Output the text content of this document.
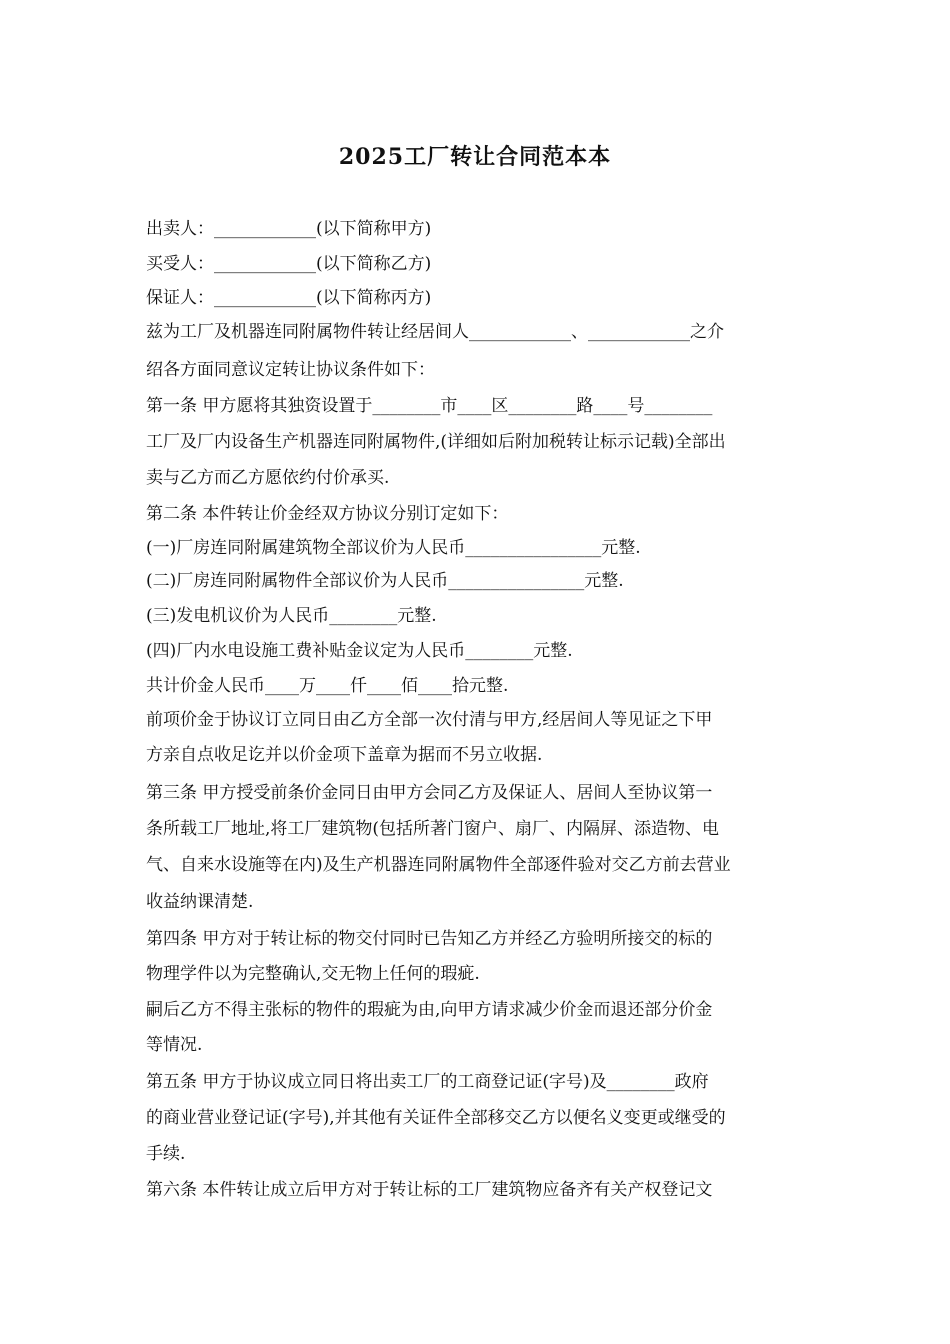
2025工厂转让合同范本本
出卖人：____________(以下简称甲方)
买受人：____________(以下简称乙方)
保证人：____________(以下简称丙方)
兹为工厂及机器连同附属物件转让经居间人____________、____________之介
绍各方面同意议定转让协议条件如下：
第一条 甲方愿将其独资设置于________市____区________路____号________
工厂及厂内设备生产机器连同附属物件,(详细如后附加税转让标示记载)全部出
卖与乙方而乙方愿依约付价承买.
第二条 本件转让价金经双方协议分别订定如下：
(一)厂房连同附属建筑物全部议价为人民币________________元整.
(二)厂房连同附属物件全部议价为人民币________________元整.
(三)发电机议价为人民币________元整.
(四)厂内水电设施工费补贴金议定为人民币________元整.
共计价金人民币____万____仟____佰____拾元整.
前项价金于协议订立同日由乙方全部一次付清与甲方,经居间人等见证之下甲
方亲自点收足讫并以价金项下盖章为据而不另立收据.
第三条 甲方授受前条价金同日由甲方会同乙方及保证人、居间人至协议第一
条所载工厂地址,将工厂建筑物(包括所著门窗户、扇厂、内隔屏、添造物、电
气、自来水设施等在内)及生产机器连同附属物件全部逐件验对交乙方前去营业
收益纳课清楚.
第四条 甲方对于转让标的物交付同时已告知乙方并经乙方验明所接交的标的
物理学件以为完整确认,交无物上任何的瑕疵.
嗣后乙方不得主张标的物件的瑕疵为由,向甲方请求减少价金而退还部分价金
等情况.
第五条 甲方于协议成立同日将出卖工厂的工商登记证(字号)及________政府
的商业营业登记证(字号),并其他有关证件全部移交乙方以便名义变更或继受的
手续.
第六条 本件转让成立后甲方对于转让标的工厂建筑物应备齐有关产权登记文
